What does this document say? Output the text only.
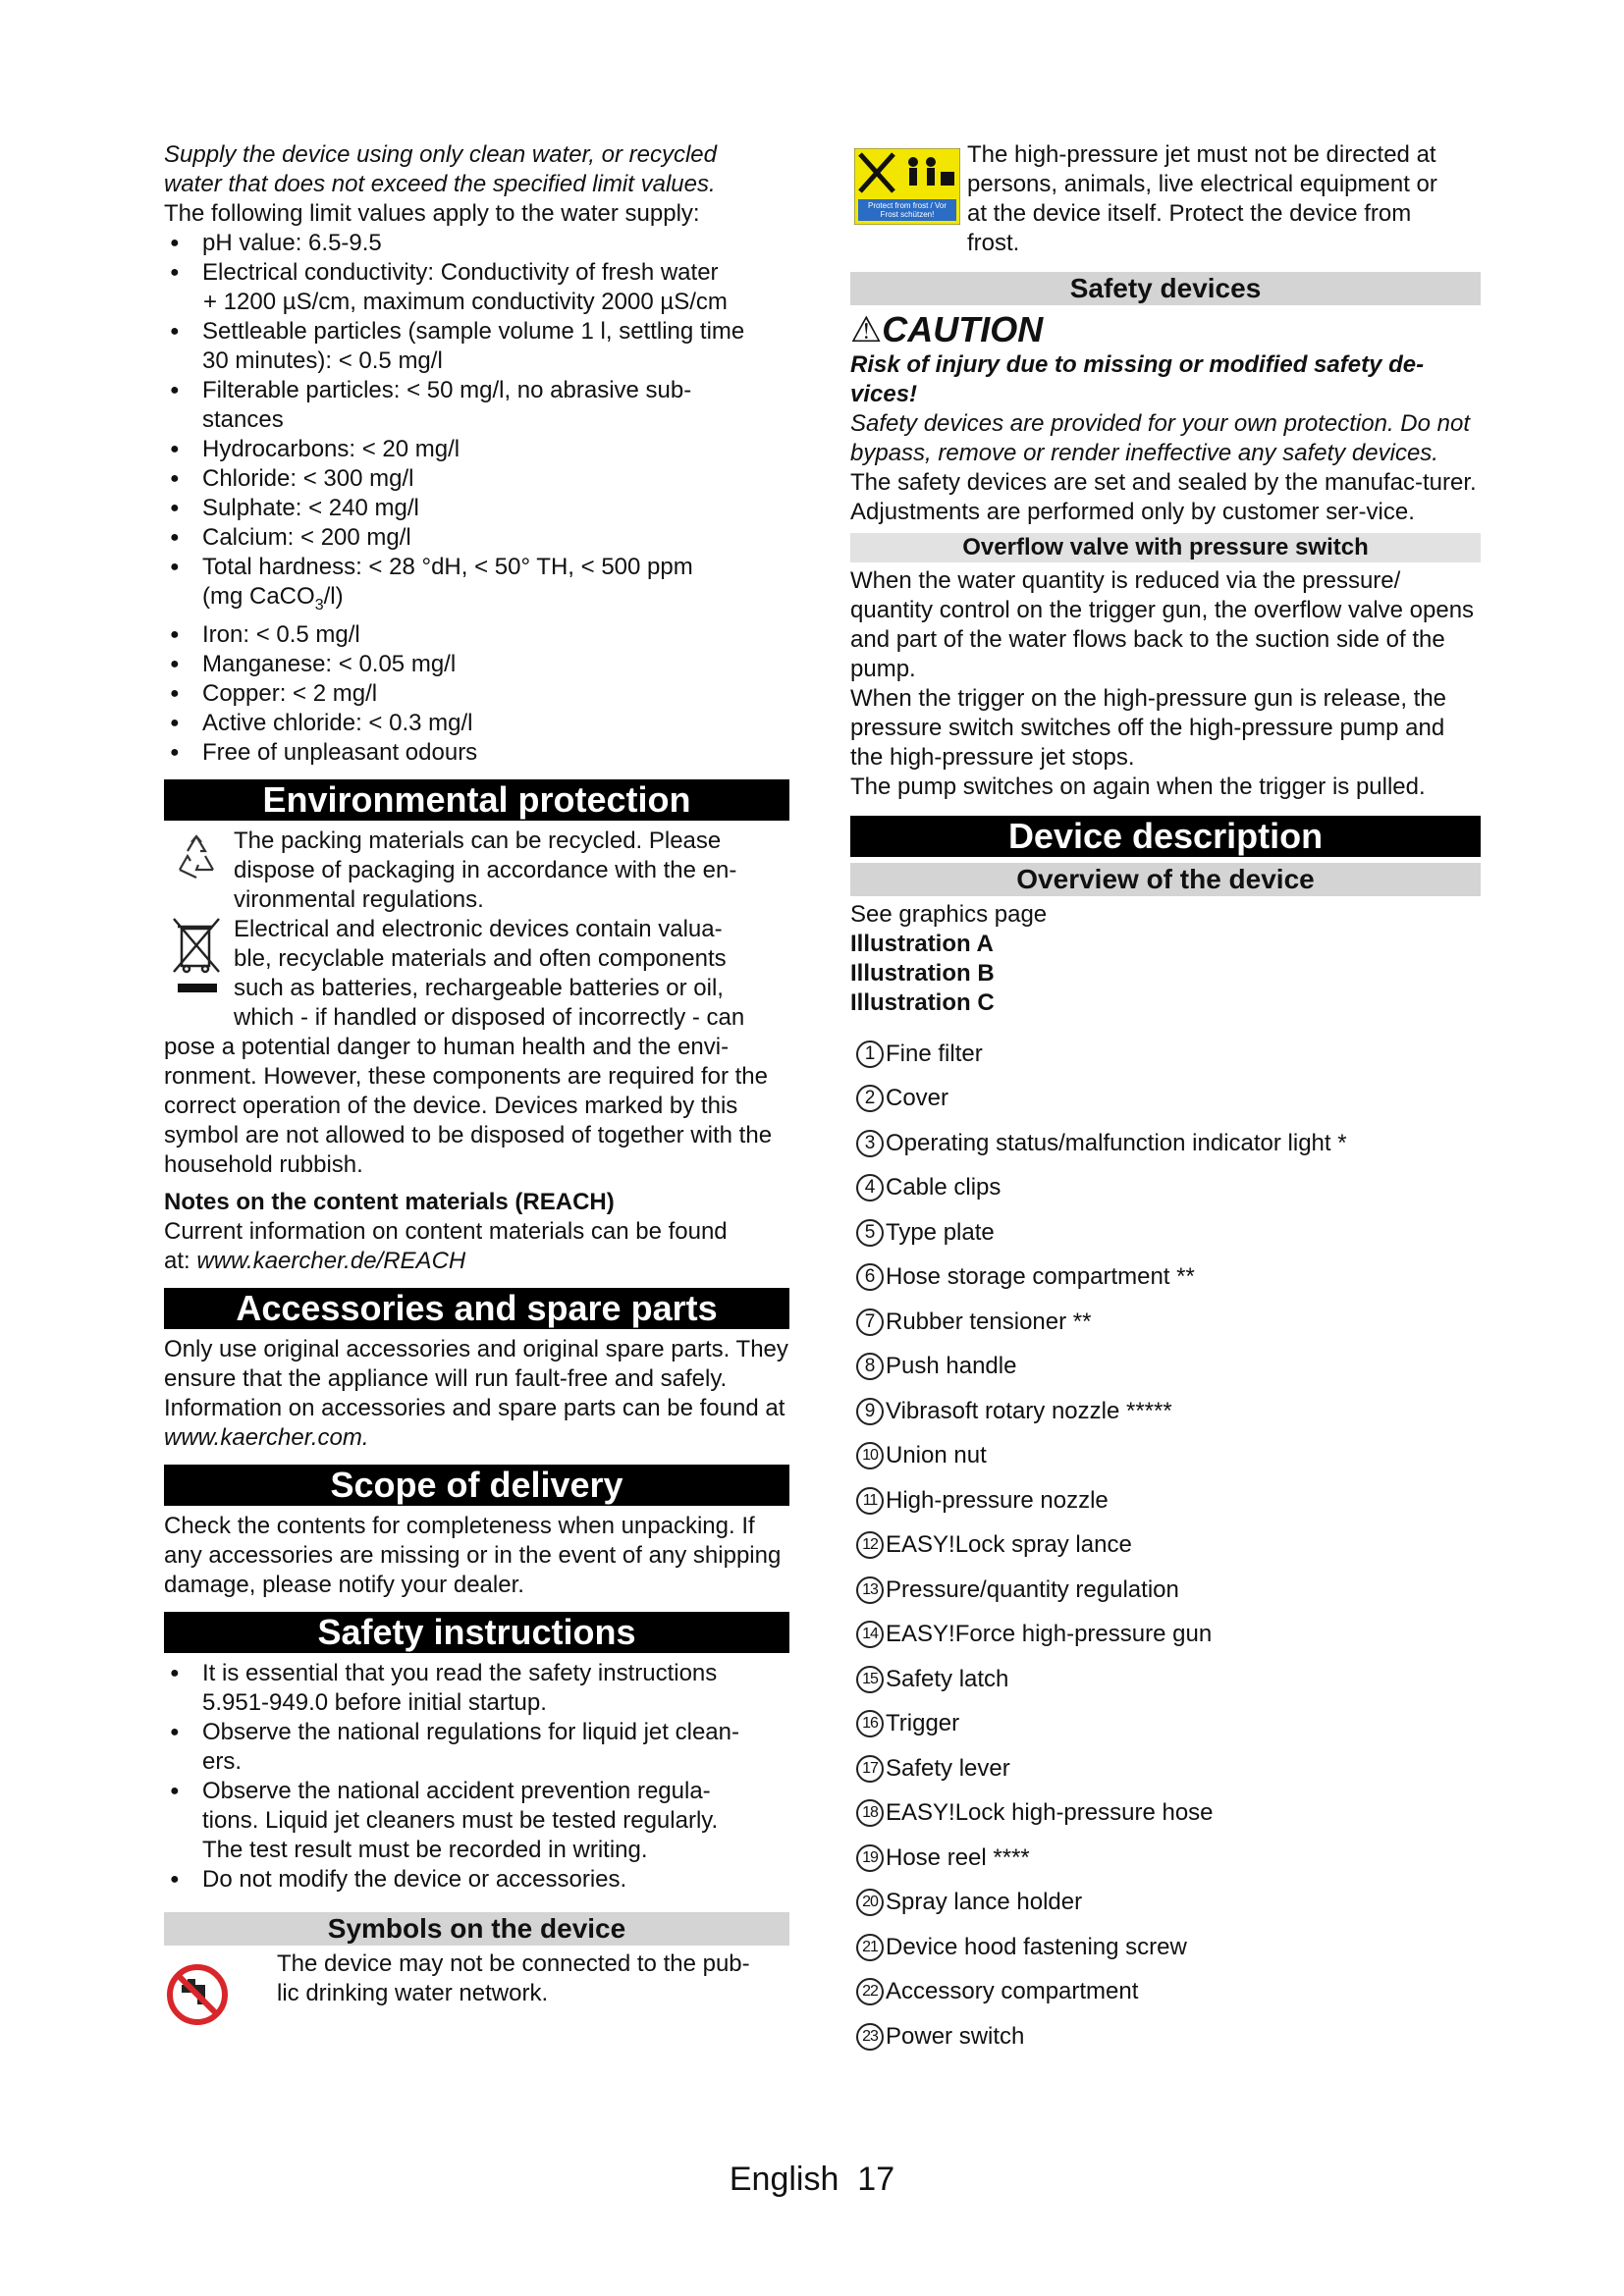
Supply the device using only clean water, or recycled

water that does not exceed the specified limit values.

The following limit values apply to the water supply:

● pH value: 6.5-9.5
● Electrical conductivity: Conductivity of fresh water
+ 1200 µS/cm, maximum conductivity 2000 µS/cm
● Settleable particles (sample volume 1 l, settling time
30 minutes): < 0.5 mg/l
● Filterable particles: < 50 mg/l, no abrasive sub-
stances
● Hydrocarbons: < 20 mg/l
● Chloride: < 300 mg/l
● Sulphate: < 240 mg/l
● Calcium: < 200 mg/l
● Total hardness: < 28 °dH, < 50° TH, < 500 ppm
(mg CaCO$_3$/l)
● Iron: < 0.5 mg/l
● Manganese: < 0.05 mg/l
● Copper: < 2 mg/l
● Active chloride: < 0.3 mg/l
● Free of unpleasant odours
Environmental protection

The packing materials can be recycled. Please

dispose of packaging in accordance with the en-

vironmental regulations.

Electrical and electronic devices contain valua-

ble, recyclable materials and often components

such as batteries, rechargeable batteries or oil,

which - if handled or disposed of incorrectly - can

pose a potential danger to human health and the envi-ronment. However, these components are required for the correct operation of the device. Devices marked by this symbol are not allowed to be disposed of together with the household rubbish.

Notes on the content materials (REACH)

Current information on content materials can be found

at: www.kaercher.de/REACH

Accessories and spare parts

Only use original accessories and original spare parts. They ensure that the appliance will run fault-free and safely.

Information on accessories and spare parts can be found at www.kaercher.com.

Scope of delivery

Check the contents for completeness when unpacking. If any accessories are missing or in the event of any shipping damage, please notify your dealer.

Safety instructions
● It is essential that you read the safety instructions
5.951-949.0 before initial startup.
● Observe the national regulations for liquid jet clean-
ers.
● Observe the national accident prevention regula-
tions. Liquid jet cleaners must be tested regularly.
The test result must be recorded in writing.
● Do not modify the device or accessories.
Symbols on the device

The device may not be connected to the pub-

lic drinking water network.

Protect from frost / Vor Frost schützen!

The high-pressure jet must not be directed at

persons, animals, live electrical equipment or

at the device itself. Protect the device from

frost.

Safety devices
⚠CAUTION

Risk of injury due to missing or modified safety de-vices!

Safety devices are provided for your own protection. Do not bypass, remove or render ineffective any safety devices.

The safety devices are set and sealed by the manufac-turer. Adjustments are performed only by customer ser-vice.

Overflow valve with pressure switch

When the water quantity is reduced via the pressure/ quantity control on the trigger gun, the overflow valve opens and part of the water flows back to the suction side of the pump.

When the trigger on the high-pressure gun is release, the pressure switch switches off the high-pressure pump and the high-pressure jet stops.

The pump switches on again when the trigger is pulled.

Device description
Overview of the device

See graphics page

Illustration A

Illustration B

Illustration C

1 Fine filter
2 Cover
3 Operating status/malfunction indicator light *
4 Cable clips
5 Type plate
6 Hose storage compartment **
7 Rubber tensioner **
8 Push handle
9 Vibrasoft rotary nozzle *****
10 Union nut
11 High-pressure nozzle
12 EASY!Lock spray lance
13 Pressure/quantity regulation
14 EASY!Force high-pressure gun
15 Safety latch
16 Trigger
17 Safety lever
18 EASY!Lock high-pressure hose
19 Hose reel ****
20 Spray lance holder
21 Device hood fastening screw
22 Accessory compartment
23 Power switch
English 17
